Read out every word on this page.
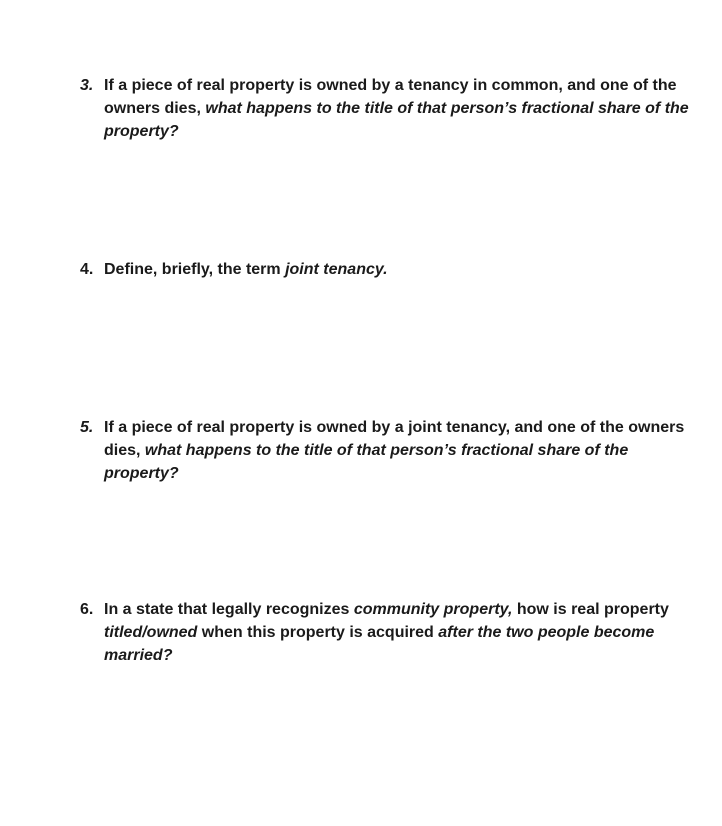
3. If a piece of real property is owned by a tenancy in common, and one of the owners dies, what happens to the title of that person’s fractional share of the property?
4. Define, briefly, the term joint tenancy.
5. If a piece of real property is owned by a joint tenancy, and one of the owners dies, what happens to the title of that person’s fractional share of the property?
6. In a state that legally recognizes community property, how is real property titled/owned when this property is acquired after the two people become married?
